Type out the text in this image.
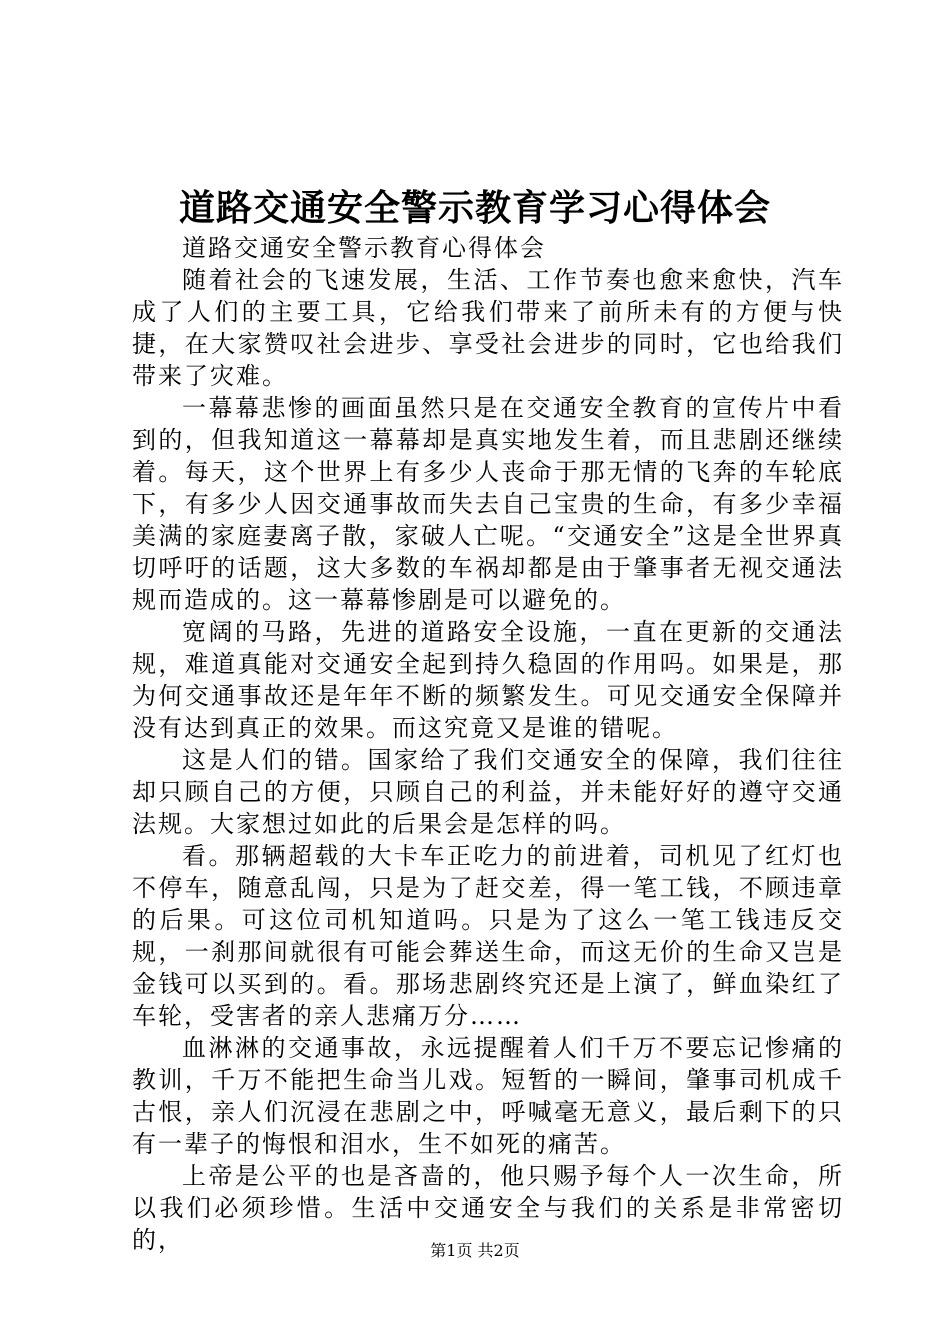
道路交通安全警示教育学习心得体会

道路交通安全警示教育心得体会

随着社会的飞速发展，生活、工作节奏也愈来愈快，汽车成了人们的主要工具，它给我们带来了前所未有的方便与快捷，在大家赞叹社会进步、享受社会进步的同时，它也给我们带来了灾难。

一幕幕悲惨的画面虽然只是在交通安全教育的宣传片中看到的，但我知道这一幕幕却是真实地发生着，而且悲剧还继续着。每天，这个世界上有多少人丧命于那无情的飞奔的车轮底下，有多少人因交通事故而失去自己宝贵的生命，有多少幸福美满的家庭妻离子散，家破人亡呢。“交通安全”这是全世界真切呼吁的话题，这大多数的车祸却都是由于肇事者无视交通法规而造成的。这一幕幕惨剧是可以避免的。

宽阔的马路，先进的道路安全设施，一直在更新的交通法规，难道真能对交通安全起到持久稳固的作用吗。如果是，那为何交通事故还是年年不断的频繁发生。可见交通安全保障并没有达到真正的效果。而这究竟又是谁的错呢。

这是人们的错。国家给了我们交通安全的保障，我们往往却只顾自己的方便，只顾自己的利益，并未能好好的遵守交通法规。大家想过如此的后果会是怎样的吗。

看。那辆超载的大卡车正吃力的前进着，司机见了红灯也不停车，随意乱闯，只是为了赶交差，得一笔工钱，不顾违章的后果。可这位司机知道吗。只是为了这么一笔工钱违反交规，一刹那间就很有可能会葬送生命，而这无价的生命又岂是金钱可以买到的。看。那场悲剧终究还是上演了，鲜血染红了车轮，受害者的亲人悲痛万分……

血淋淋的交通事故，永远提醒着人们千万不要忘记惨痛的教训，千万不能把生命当儿戏。短暂的一瞬间，肇事司机成千古恨，亲人们沉浸在悲剧之中，呼喊毫无意义，最后剩下的只有一辈子的悔恨和泪水，生不如死的痛苦。

上帝是公平的也是吝啬的，他只赐予每个人一次生命，所以我们必须珍惜。生活中交通安全与我们的关系是非常密切的，	第1页 共2页
